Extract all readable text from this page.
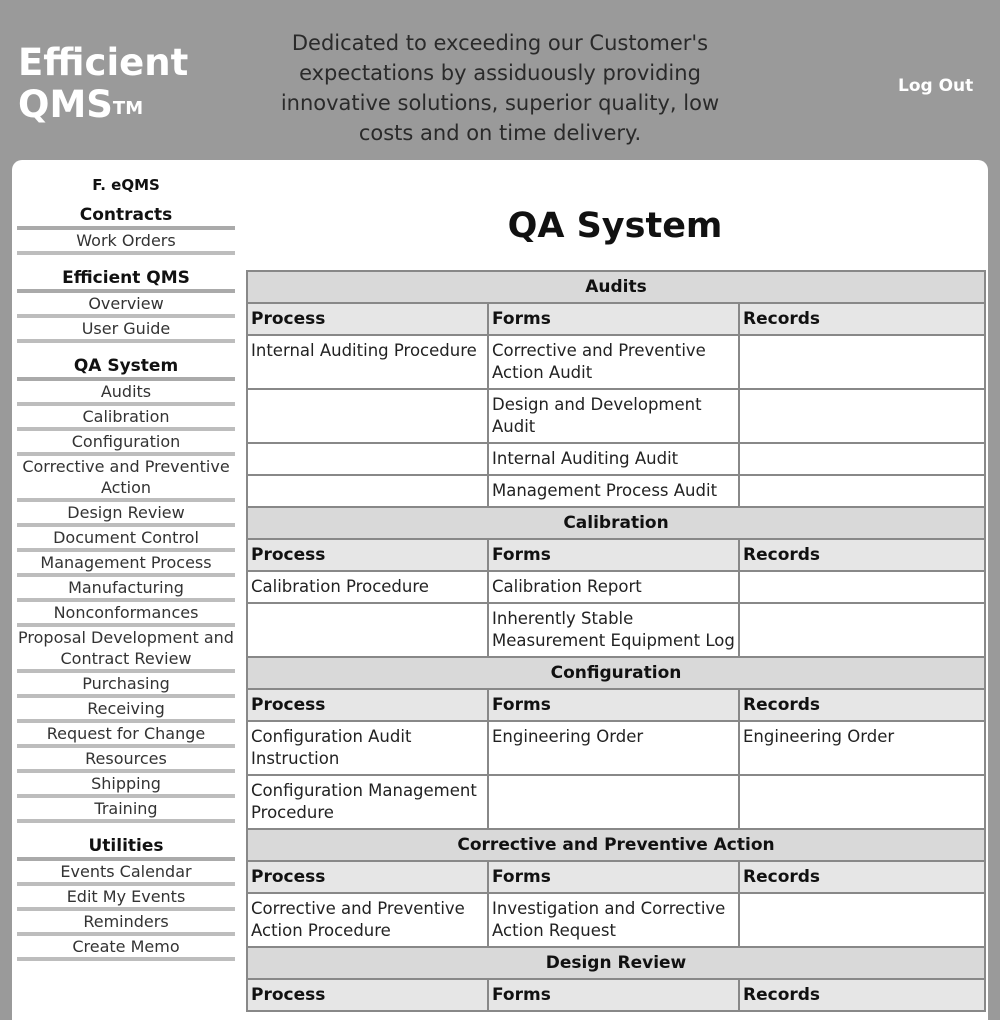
Efficient
QMS™
Dedicated to exceeding our Customer's expectations by assiduously providing innovative solutions, superior quality, low costs and on time delivery.
Log Out
F. eQMS
Contracts
Work Orders
Efficient QMS
Overview
User Guide
QA System
Audits
Calibration
Configuration
Corrective and Preventive Action
Design Review
Document Control
Management Process
Manufacturing
Nonconformances
Proposal Development and Contract Review
Purchasing
Receiving
Request for Change
Resources
Shipping
Training
Utilities
Events Calendar
Edit My Events
Reminders
Create Memo
QA System
Audits		
Process	Forms	Records
Internal Auditing Procedure	Corrective and Preventive Action Audit	
	Design and Development Audit	
	Internal Auditing Audit	
	Management Process Audit	
Calibration		
Process	Forms	Records
Calibration Procedure	Calibration Report	
	Inherently Stable Measurement Equipment Log	
Configuration		
Process	Forms	Records
Configuration Audit Instruction	Engineering Order	Engineering Order
Configuration Management Procedure		
Corrective and Preventive Action		
Process	Forms	Records
Corrective and Preventive Action Procedure	Investigation and Corrective Action Request	
Design Review		
Process	Forms	Records
